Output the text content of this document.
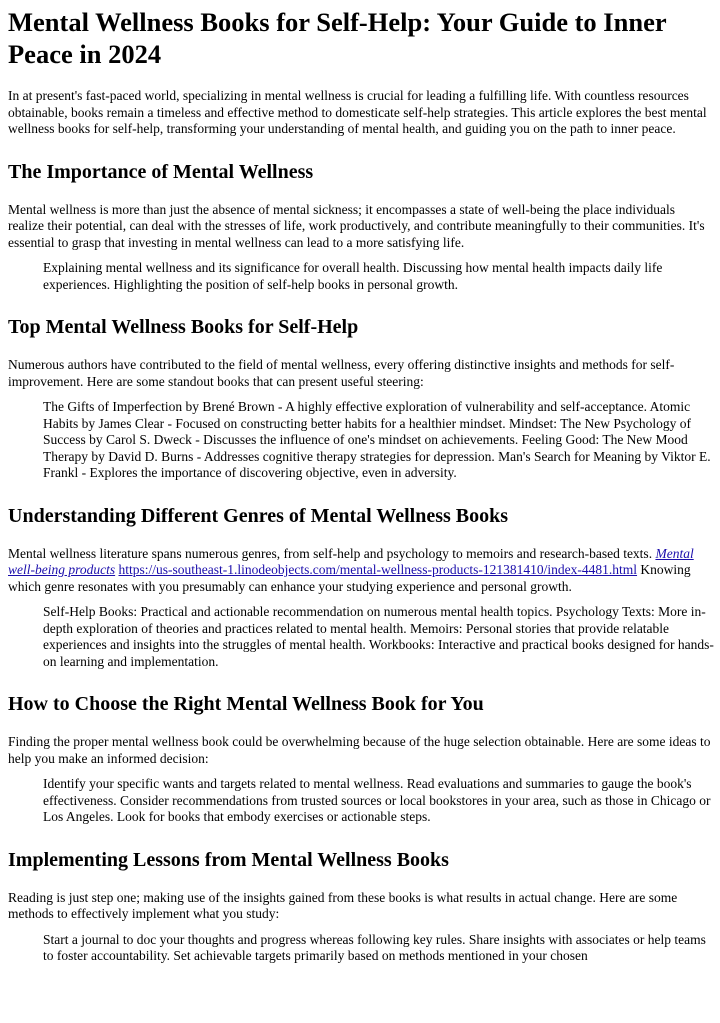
Mental Wellness Books for Self-Help: Your Guide to Inner Peace in 2024

In at present's fast-paced world, specializing in mental wellness is crucial for leading a fulfilling life. With countless resources obtainable, books remain a timeless and effective method to domesticate self-help strategies. This article explores the best mental wellness books for self-help, transforming your understanding of mental health, and guiding you on the path to inner peace.

The Importance of Mental Wellness

Mental wellness is more than just the absence of mental sickness; it encompasses a state of well-being the place individuals realize their potential, can deal with the stresses of life, work productively, and contribute meaningfully to their communities. It's essential to grasp that investing in mental wellness can lead to a more satisfying life.

Explaining mental wellness and its significance for overall health. Discussing how mental health impacts daily life experiences. Highlighting the position of self-help books in personal growth.
Top Mental Wellness Books for Self-Help

Numerous authors have contributed to the field of mental wellness, every offering distinctive insights and methods for self-improvement. Here are some standout books that can present useful steering:

The Gifts of Imperfection by Brené Brown - A highly effective exploration of vulnerability and self-acceptance. Atomic Habits by James Clear - Focused on constructing better habits for a healthier mindset. Mindset: The New Psychology of Success by Carol S. Dweck - Discusses the influence of one's mindset on achievements. Feeling Good: The New Mood Therapy by David D. Burns - Addresses cognitive therapy strategies for depression. Man's Search for Meaning by Viktor E. Frankl - Explores the importance of discovering objective, even in adversity.
Understanding Different Genres of Mental Wellness Books

Mental wellness literature spans numerous genres, from self-help and psychology to memoirs and research-based texts. Mental well-being products https://us-southeast-1.linodeobjects.com/mental-wellness-products-121381410/index-4481.html Knowing which genre resonates with you presumably can enhance your studying experience and personal growth.

Self-Help Books: Practical and actionable recommendation on numerous mental health topics. Psychology Texts: More in-depth exploration of theories and practices related to mental health. Memoirs: Personal stories that provide relatable experiences and insights into the struggles of mental health. Workbooks: Interactive and practical books designed for hands-on learning and implementation.
How to Choose the Right Mental Wellness Book for You

Finding the proper mental wellness book could be overwhelming because of the huge selection obtainable. Here are some ideas to help you make an informed decision:

Identify your specific wants and targets related to mental wellness. Read evaluations and summaries to gauge the book's effectiveness. Consider recommendations from trusted sources or local bookstores in your area, such as those in Chicago or Los Angeles. Look for books that embody exercises or actionable steps.
Implementing Lessons from Mental Wellness Books

Reading is just step one; making use of the insights gained from these books is what results in actual change. Here are some methods to effectively implement what you study:

Start a journal to doc your thoughts and progress whereas following key rules. Share insights with associates or help teams to foster accountability. Set achievable targets primarily based on methods mentioned in your chosen
